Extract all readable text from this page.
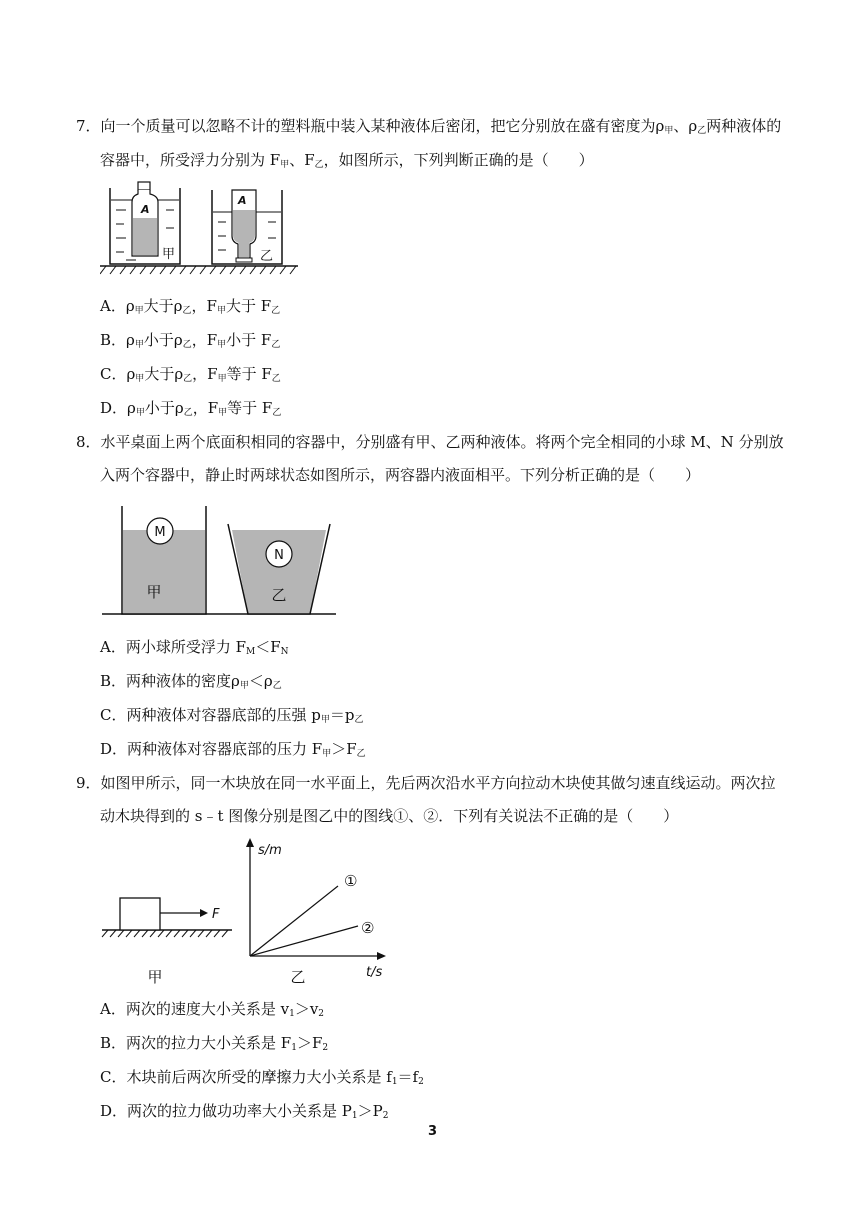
7．向一个质量可以忽略不计的塑料瓶中装入某种液体后密闭，把它分别放在盛有密度为$\rho_甲$、$\rho_乙$两种液体的
容器中，所受浮力分别为 $F_甲$、$F_乙$，如图所示，下列判断正确的是（　　）
A
甲
A
乙
A．$\rho_甲$大于$\rho_乙$，$F_甲$大于 $F_乙$
B．$\rho_甲$小于$\rho_乙$，$F_甲$小于 $F_乙$
C．$\rho_甲$大于$\rho_乙$，$F_甲$等于 $F_乙$
D．$\rho_甲$小于$\rho_乙$，$F_甲$等于 $F_乙$
8．水平桌面上两个底面积相同的容器中，分别盛有甲、乙两种液体。将两个完全相同的小球 M、N 分别放
入两个容器中，静止时两球状态如图所示，两容器内液面相平。下列分析正确的是（　　）
M
甲
N
乙
A．两小球所受浮力 $F_M<F_N$
B．两种液体的密度$\rho_甲<\rho_乙$
C．两种液体对容器底部的压强 $p_甲=p_乙$
D．两种液体对容器底部的压力 $F_甲>F_乙$
9．如图甲所示，同一木块放在同一水平面上，先后两次沿水平方向拉动木块使其做匀速直线运动。两次拉
动木块得到的 s﹣t 图像分别是图乙中的图线①、②．下列有关说法不正确的是（　　）
F
甲
s/m
t/s
①
②
乙
A．两次的速度大小关系是 $v_1>v_2$
B．两次的拉力大小关系是 $F_1>F_2$
C．木块前后两次所受的摩擦力大小关系是 $f_1=f_2$
D．两次的拉力做功功率大小关系是 $P_1>P_2$
3
